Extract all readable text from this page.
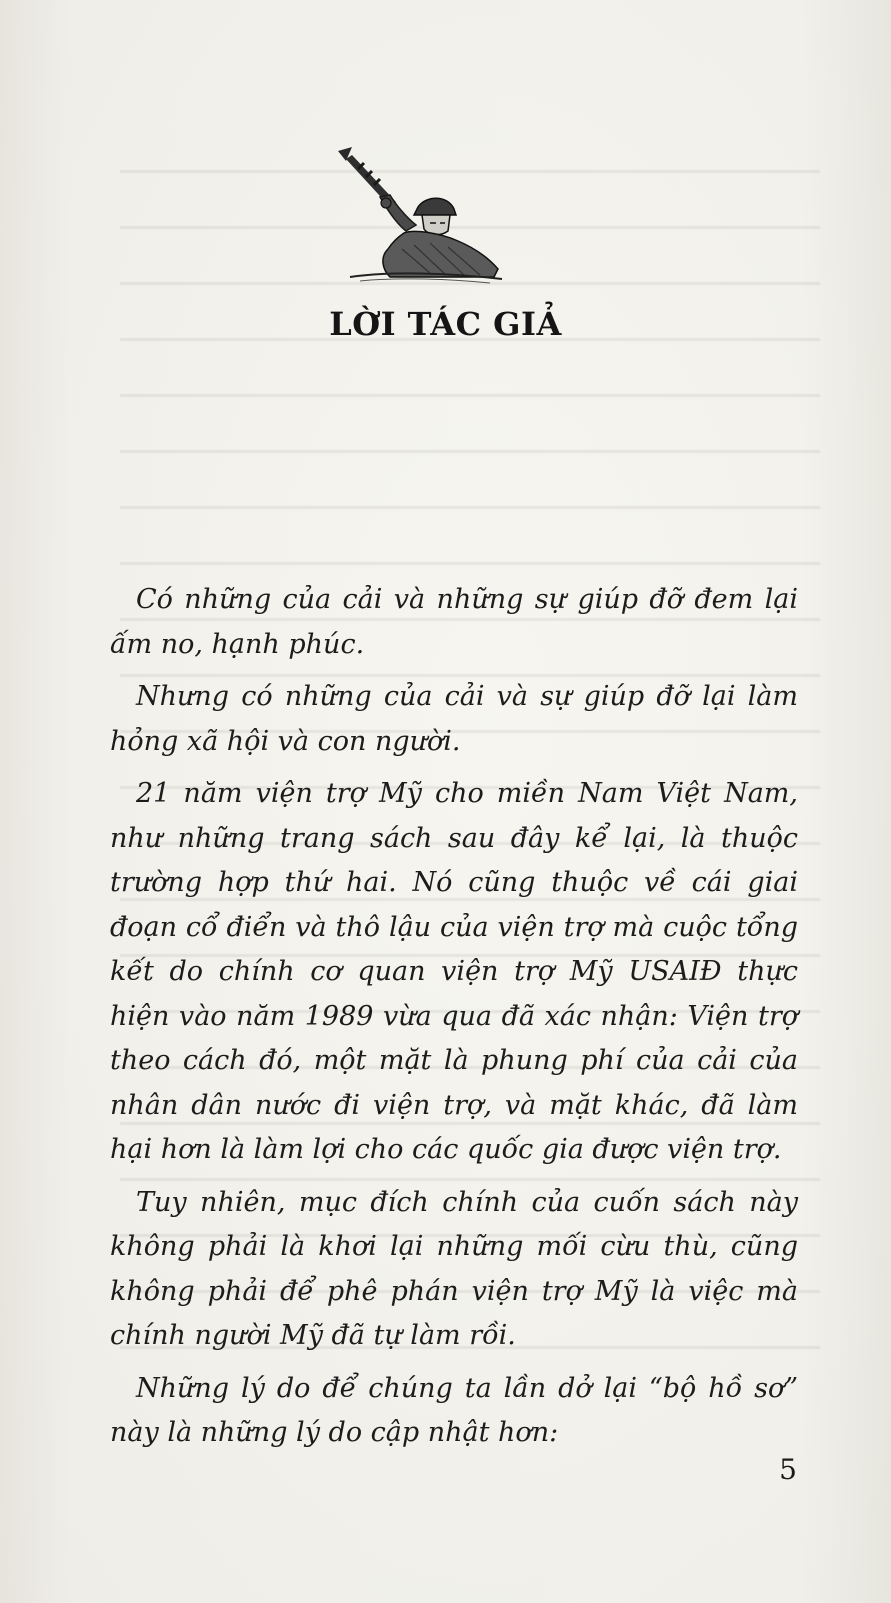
LỜI TÁC GIẢ

Có những của cải và những sự giúp đỡ đem lại ấm no, hạnh phúc.

Nhưng có những của cải và sự giúp đỡ lại làm hỏng xã hội và con người.

21 năm viện trợ Mỹ cho miền Nam Việt Nam, như những trang sách sau đây kể lại, là thuộc trường hợp thứ hai. Nó cũng thuộc về cái giai đoạn cổ điển và thô lậu của viện trợ mà cuộc tổng kết do chính cơ quan viện trợ Mỹ USAIĐ thực hiện vào năm 1989 vừa qua đã xác nhận: Viện trợ theo cách đó, một mặt là phung phí của cải của nhân dân nước đi viện trợ, và mặt khác, đã làm hại hơn là làm lợi cho các quốc gia được viện trợ.

Tuy nhiên, mục đích chính của cuốn sách này không phải là khơi lại những mối cừu thù, cũng không phải để phê phán viện trợ Mỹ là việc mà chính người Mỹ đã tự làm rồi.

Những lý do để chúng ta lần dở lại “bộ hồ sơ” này là những lý do cập nhật hơn:

5
